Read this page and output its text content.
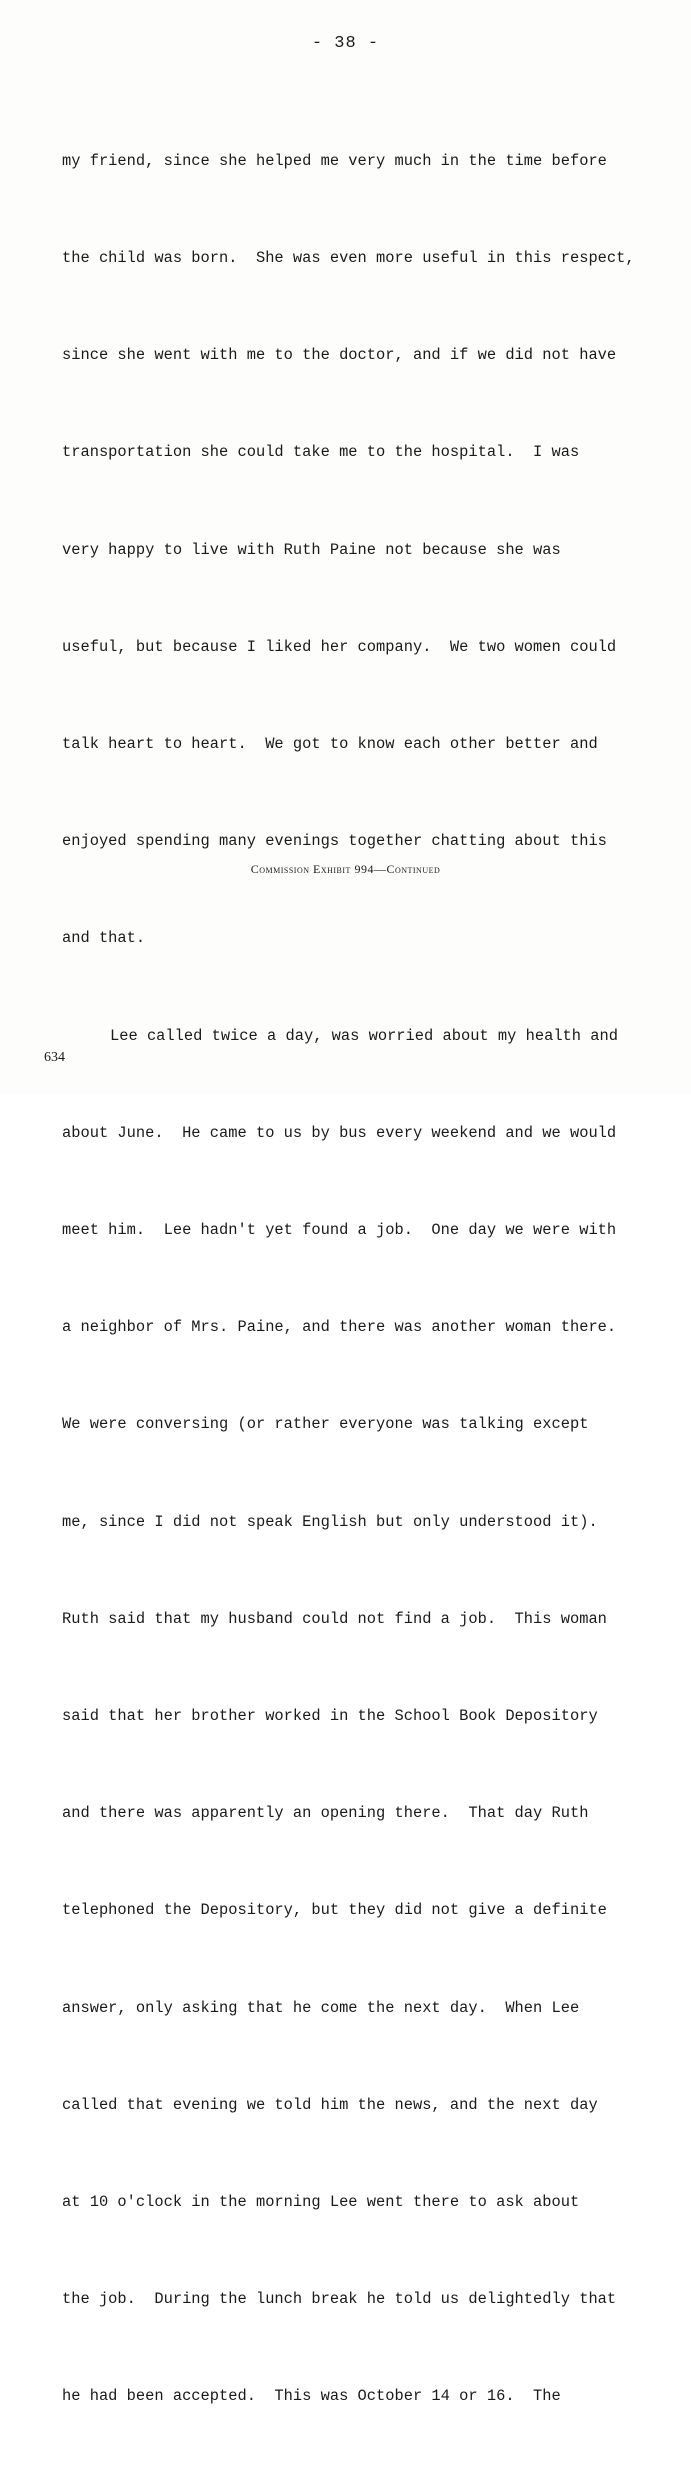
- 38 -

my friend, since she helped me very much in the time before

the child was born.  She was even more useful in this respect,

since she went with me to the doctor, and if we did not have

transportation she could take me to the hospital.  I was

very happy to live with Ruth Paine not because she was

useful, but because I liked her company.  We two women could

talk heart to heart.  We got to know each other better and

enjoyed spending many evenings together chatting about this

and that.

Lee called twice a day, was worried about my health and

about June.  He came to us by bus every weekend and we would

meet him.  Lee hadn't yet found a job.  One day we were with

a neighbor of Mrs. Paine, and there was another woman there.

We were conversing (or rather everyone was talking except

me, since I did not speak English but only understood it).

Ruth said that my husband could not find a job.  This woman

said that her brother worked in the School Book Depository

and there was apparently an opening there.  That day Ruth

telephoned the Depository, but they did not give a definite

answer, only asking that he come the next day.  When Lee

called that evening we told him the news, and the next day

at 10 o'clock in the morning Lee went there to ask about

the job.  During the lunch break he told us delightedly that

he had been accepted.  This was October 14 or 16.  The

Commission Exhibit 994—Continued
634
